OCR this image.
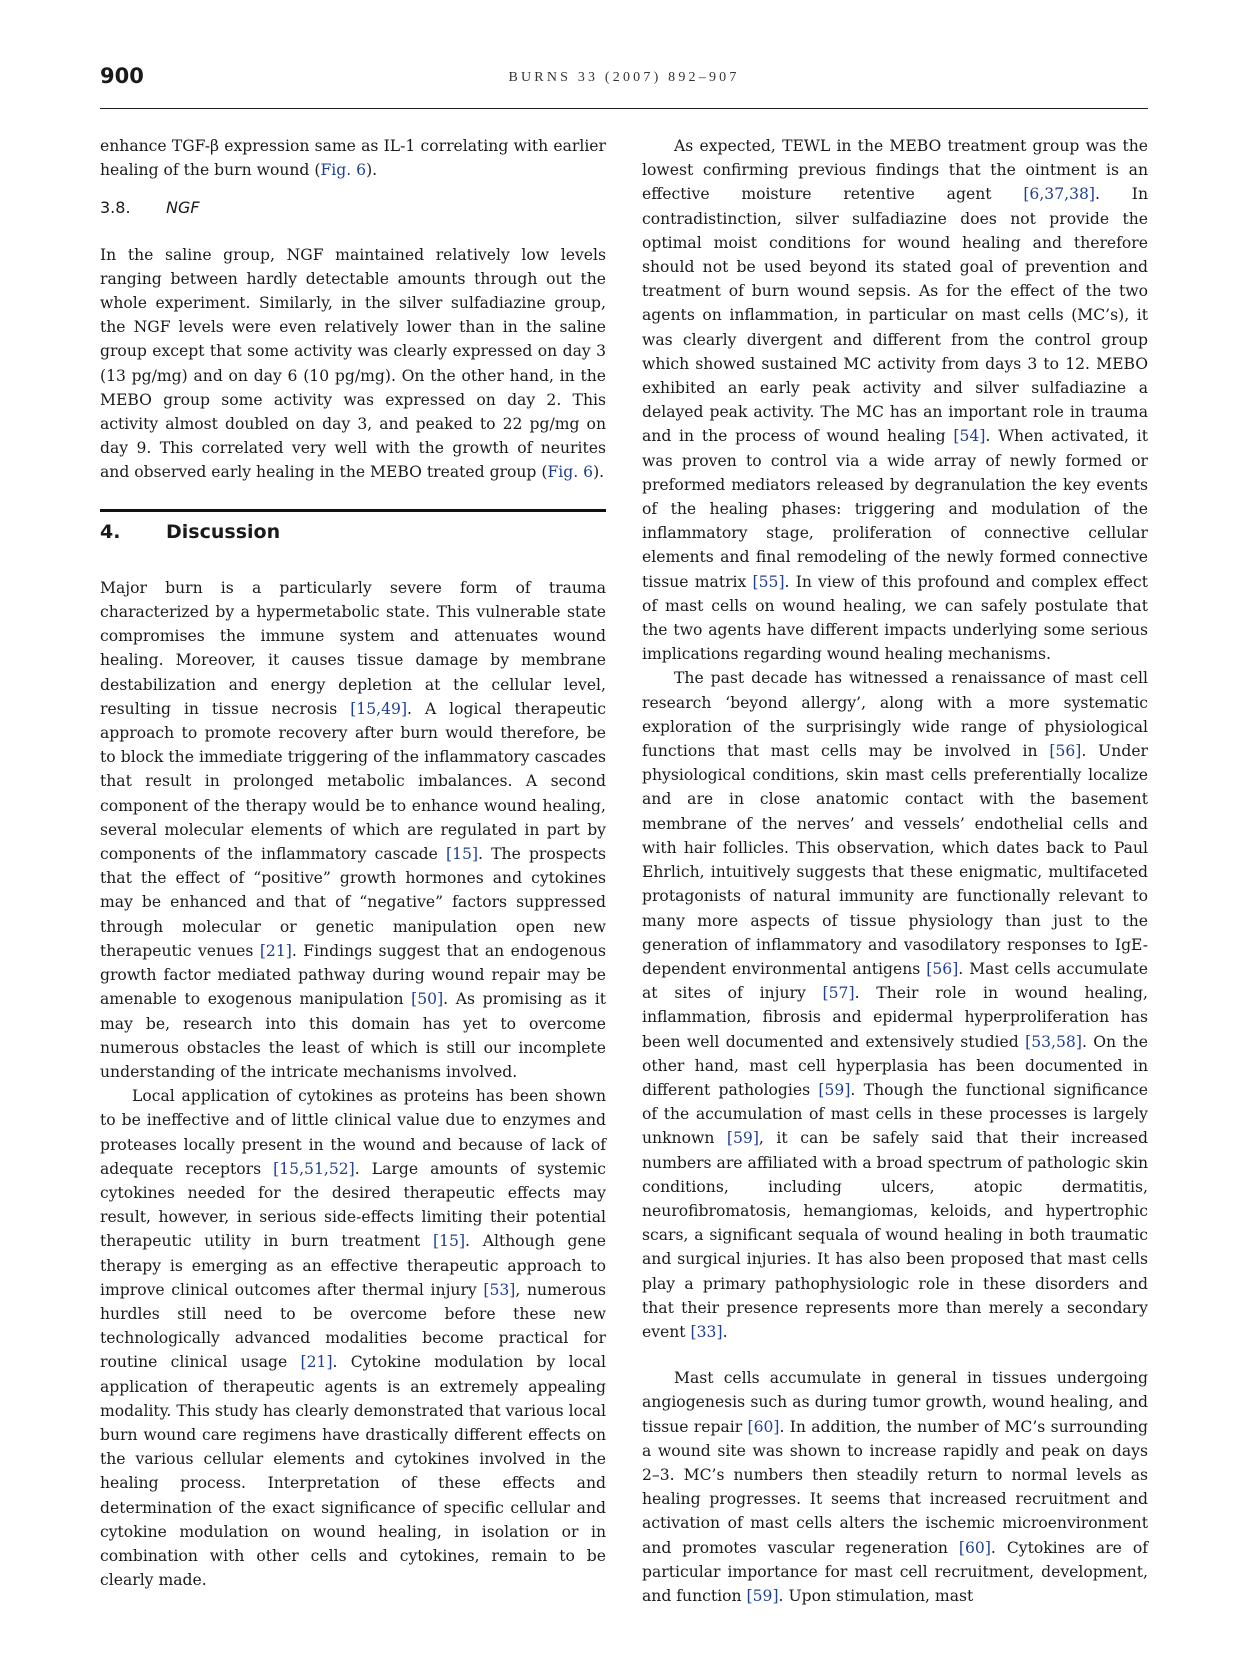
900	BURNS 33 (2007) 892–907

enhance TGF-β expression same as IL-1 correlating with earlier healing of the burn wound (Fig. 6).

3.8. NGF

In the saline group, NGF maintained relatively low levels ranging between hardly detectable amounts through out the whole experiment. Similarly, in the silver sulfadiazine group, the NGF levels were even relatively lower than in the saline group except that some activity was clearly expressed on day 3 (13 pg/mg) and on day 6 (10 pg/mg). On the other hand, in the MEBO group some activity was expressed on day 2. This activity almost doubled on day 3, and peaked to 22 pg/mg on day 9. This correlated very well with the growth of neurites and observed early healing in the MEBO treated group (Fig. 6).

4. Discussion

Major burn is a particularly severe form of trauma characterized by a hypermetabolic state. This vulnerable state compromises the immune system and attenuates wound healing. Moreover, it causes tissue damage by membrane destabilization and energy depletion at the cellular level, resulting in tissue necrosis [15,49]. A logical therapeutic approach to promote recovery after burn would therefore, be to block the immediate triggering of the inflammatory cascades that result in prolonged metabolic imbalances. A second component of the therapy would be to enhance wound healing, several molecular elements of which are regulated in part by components of the inflammatory cascade [15]. The prospects that the effect of “positive” growth hormones and cytokines may be enhanced and that of “negative” factors suppressed through molecular or genetic manipulation open new therapeutic venues [21]. Findings suggest that an endogenous growth factor mediated pathway during wound repair may be amenable to exogenous manipulation [50]. As promising as it may be, research into this domain has yet to overcome numerous obstacles the least of which is still our incomplete understanding of the intricate mechanisms involved.

Local application of cytokines as proteins has been shown to be ineffective and of little clinical value due to enzymes and proteases locally present in the wound and because of lack of adequate receptors [15,51,52]. Large amounts of systemic cytokines needed for the desired therapeutic effects may result, however, in serious side-effects limiting their potential therapeutic utility in burn treatment [15]. Although gene therapy is emerging as an effective therapeutic approach to improve clinical outcomes after thermal injury [53], numerous hurdles still need to be overcome before these new technologically advanced modalities become practical for routine clinical usage [21]. Cytokine modulation by local application of therapeutic agents is an extremely appealing modality. This study has clearly demonstrated that various local burn wound care regimens have drastically different effects on the various cellular elements and cytokines involved in the healing process. Interpretation of these effects and determination of the exact significance of specific cellular and cytokine modulation on wound healing, in isolation or in combination with other cells and cytokines, remain to be clearly made.

As expected, TEWL in the MEBO treatment group was the lowest confirming previous findings that the ointment is an effective moisture retentive agent [6,37,38]. In contradistinction, silver sulfadiazine does not provide the optimal moist conditions for wound healing and therefore should not be used beyond its stated goal of prevention and treatment of burn wound sepsis. As for the effect of the two agents on inflammation, in particular on mast cells (MC’s), it was clearly divergent and different from the control group which showed sustained MC activity from days 3 to 12. MEBO exhibited an early peak activity and silver sulfadiazine a delayed peak activity. The MC has an important role in trauma and in the process of wound healing [54]. When activated, it was proven to control via a wide array of newly formed or preformed mediators released by degranulation the key events of the healing phases: triggering and modulation of the inflammatory stage, proliferation of connective cellular elements and final remodeling of the newly formed connective tissue matrix [55]. In view of this profound and complex effect of mast cells on wound healing, we can safely postulate that the two agents have different impacts underlying some serious implications regarding wound healing mechanisms.

The past decade has witnessed a renaissance of mast cell research ‘beyond allergy’, along with a more systematic exploration of the surprisingly wide range of physiological functions that mast cells may be involved in [56]. Under physiological conditions, skin mast cells preferentially localize and are in close anatomic contact with the basement membrane of the nerves’ and vessels’ endothelial cells and with hair follicles. This observation, which dates back to Paul Ehrlich, intuitively suggests that these enigmatic, multifaceted protagonists of natural immunity are functionally relevant to many more aspects of tissue physiology than just to the generation of inflammatory and vasodilatory responses to IgE-dependent environmental antigens [56]. Mast cells accumulate at sites of injury [57]. Their role in wound healing, inflammation, fibrosis and epidermal hyperproliferation has been well documented and extensively studied [53,58]. On the other hand, mast cell hyperplasia has been documented in different pathologies [59]. Though the functional significance of the accumulation of mast cells in these processes is largely unknown [59], it can be safely said that their increased numbers are affiliated with a broad spectrum of pathologic skin conditions, including ulcers, atopic dermatitis, neurofibromatosis, hemangiomas, keloids, and hypertrophic scars, a significant sequala of wound healing in both traumatic and surgical injuries. It has also been proposed that mast cells play a primary pathophysiologic role in these disorders and that their presence represents more than merely a secondary event [33].

Mast cells accumulate in general in tissues undergoing angiogenesis such as during tumor growth, wound healing, and tissue repair [60]. In addition, the number of MC’s surrounding a wound site was shown to increase rapidly and peak on days 2–3. MC’s numbers then steadily return to normal levels as healing progresses. It seems that increased recruitment and activation of mast cells alters the ischemic microenvironment and promotes vascular regeneration [60]. Cytokines are of particular importance for mast cell recruitment, development, and function [59]. Upon stimulation, mast
